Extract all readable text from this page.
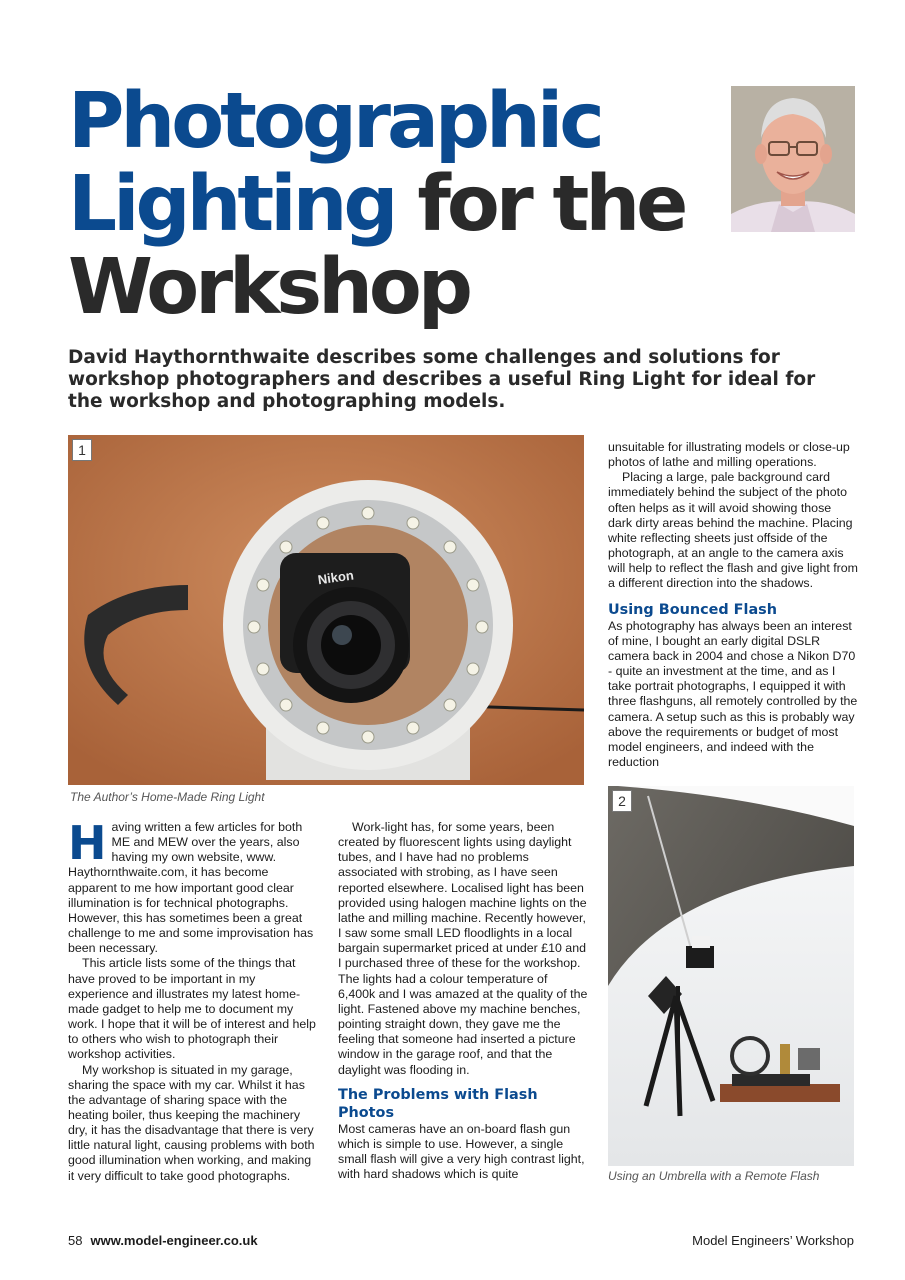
Photographic
Lighting for the
Workshop
David Haythornthwaite describes some challenges and solutions for workshop photographers and describes a useful Ring Light for ideal for the workshop and photographing models.
Nikon
1
The Author’s Home-Made Ring Light

Having written a few articles for both ME and MEW over the years, also having my own website, www. Haythornthwaite.com, it has become apparent to me how important good clear illumination is for technical photographs. However, this has sometimes been a great challenge to me and some improvisation has been necessary.

This article lists some of the things that have proved to be important in my experience and illustrates my latest home-made gadget to help me to document my work. I hope that it will be of interest and help to others who wish to photograph their workshop activities.

My workshop is situated in my garage, sharing the space with my car. Whilst it has the advantage of sharing space with the heating boiler, thus keeping the machinery dry, it has the disadvantage that there is very little natural light, causing problems with both good illumination when working, and making it very difficult to take good photographs.

Work-light has, for some years, been created by fluorescent lights using daylight tubes, and I have had no problems associated with strobing, as I have seen reported elsewhere. Localised light has been provided using halogen machine lights on the lathe and milling machine. Recently however, I saw some small LED floodlights in a local bargain supermarket priced at under £10 and I purchased three of these for the workshop. The lights had a colour temperature of 6,400k and I was amazed at the quality of the light. Fastened above my machine benches, pointing straight down, they gave me the feeling that someone had inserted a picture window in the garage roof, and that the daylight was flooding in.

The Problems with Flash Photos

Most cameras have an on-board flash gun which is simple to use. However, a single small flash will give a very high contrast light, with hard shadows which is quite

unsuitable for illustrating models or close-up photos of lathe and milling operations.

Placing a large, pale background card immediately behind the subject of the photo often helps as it will avoid showing those dark dirty areas behind the machine. Placing white reflecting sheets just offside of the photograph, at an angle to the camera axis will help to reflect the flash and give light from a different direction into the shadows.

Using Bounced Flash

As photography has always been an interest of mine, I bought an early digital DSLR camera back in 2004 and chose a Nikon D70 - quite an investment at the time, and as I take portrait photographs, I equipped it with three flashguns, all remotely controlled by the camera. A setup such as this is probably way above the requirements or budget of most model engineers, and indeed with the reduction

2
Using an Umbrella with a Remote Flash
58 www.model-engineer.co.uk	Model Engineers’ Workshop
